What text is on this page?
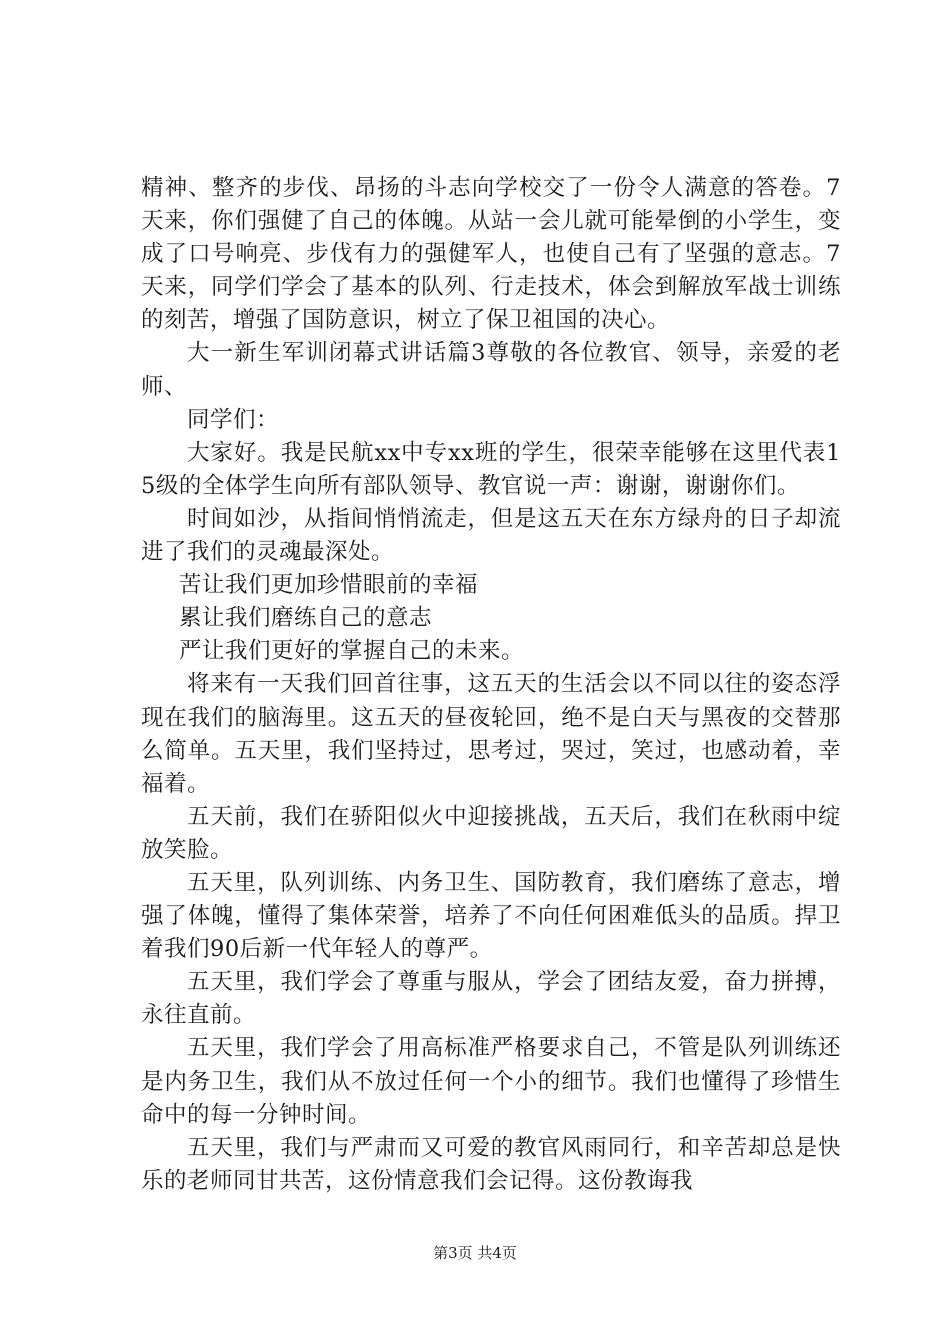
精神、整齐的步伐、昂扬的斗志向学校交了一份令人满意的答卷。7天来，你们强健了自己的体魄。从站一会儿就可能晕倒的小学生，变成了口号响亮、步伐有力的强健军人，也使自己有了坚强的意志。7天来，同学们学会了基本的队列、行走技术，体会到解放军战士训练的刻苦，增强了国防意识，树立了保卫祖国的决心。

大一新生军训闭幕式讲话篇3尊敬的各位教官、领导，亲爱的老师、

同学们：

大家好。我是民航xx中专xx班的学生，很荣幸能够在这里代表15级的全体学生向所有部队领导、教官说一声：谢谢，谢谢你们。

时间如沙，从指间悄悄流走，但是这五天在东方绿舟的日子却流进了我们的灵魂最深处。

苦让我们更加珍惜眼前的幸福

累让我们磨练自己的意志

严让我们更好的掌握自己的未来。

将来有一天我们回首往事，这五天的生活会以不同以往的姿态浮现在我们的脑海里。这五天的昼夜轮回，绝不是白天与黑夜的交替那么简单。五天里，我们坚持过，思考过，哭过，笑过，也感动着，幸福着。

五天前，我们在骄阳似火中迎接挑战，五天后，我们在秋雨中绽放笑脸。

五天里，队列训练、内务卫生、国防教育，我们磨练了意志，增强了体魄，懂得了集体荣誉，培养了不向任何困难低头的品质。捍卫着我们90后新一代年轻人的尊严。

五天里，我们学会了尊重与服从，学会了团结友爱，奋力拼搏，永往直前。

五天里，我们学会了用高标准严格要求自己，不管是队列训练还是内务卫生，我们从不放过任何一个小的细节。我们也懂得了珍惜生命中的每一分钟时间。

五天里，我们与严肃而又可爱的教官风雨同行，和辛苦却总是快乐的老师同甘共苦，这份情意我们会记得。这份教诲我

第3页 共4页
